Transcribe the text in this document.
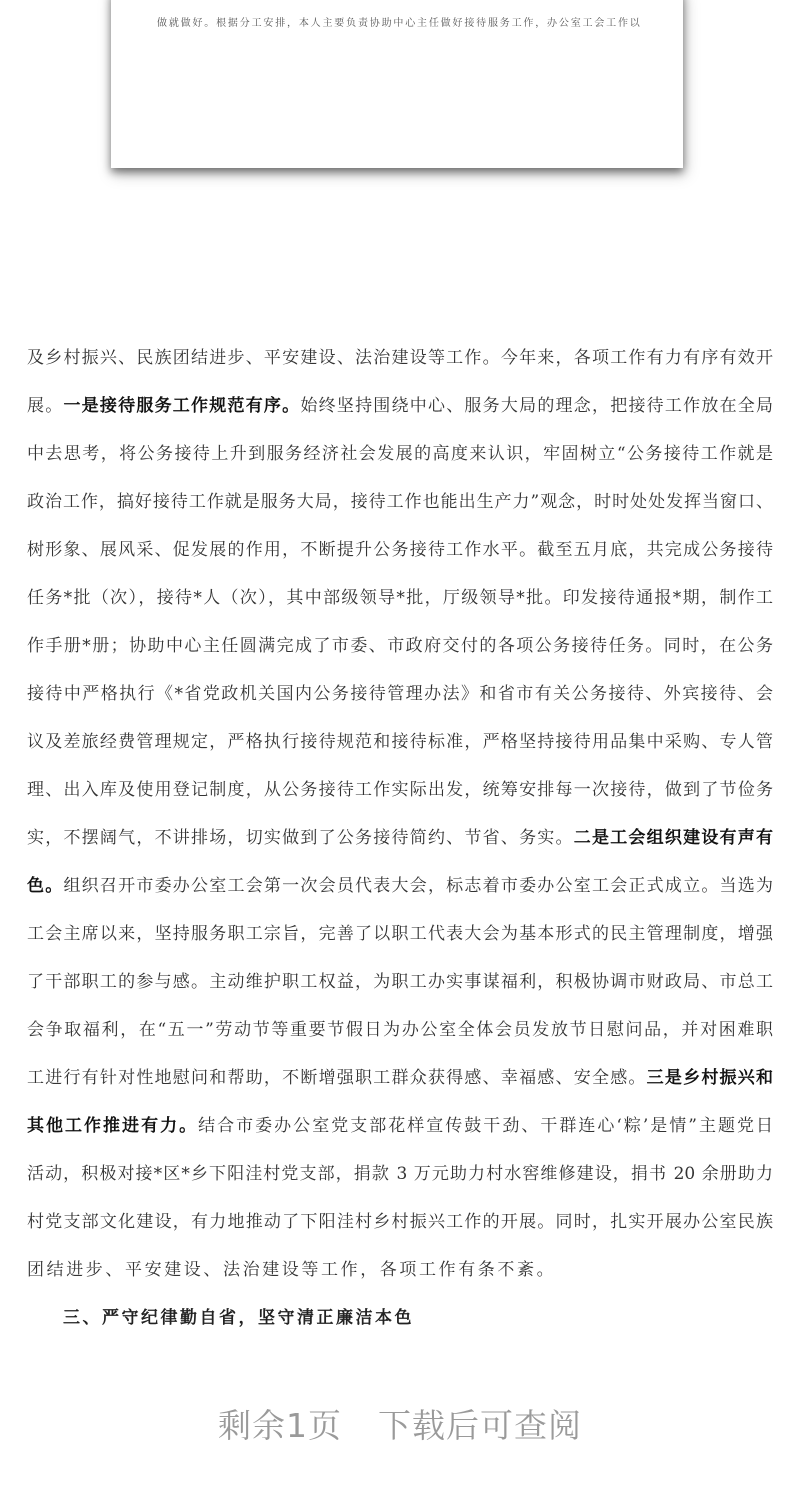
做就做好。根据分工安排，本人主要负责协助中心主任做好接待服务工作，办公室工会工作以
及乡村振兴、民族团结进步、平安建设、法治建设等工作。今年来，各项工作有力有序有效开
展。一是接待服务工作规范有序。始终坚持围绕中心、服务大局的理念，把接待工作放在全局
中去思考，将公务接待上升到服务经济社会发展的高度来认识，牢固树立“公务接待工作就是
政治工作，搞好接待工作就是服务大局，接待工作也能出生产力”观念，时时处处发挥当窗口、
树形象、展风采、促发展的作用，不断提升公务接待工作水平。截至五月底，共完成公务接待
任务*批（次），接待*人（次），其中部级领导*批，厅级领导*批。印发接待通报*期，制作工
作手册*册；协助中心主任圆满完成了市委、市政府交付的各项公务接待任务。同时，在公务
接待中严格执行《*省党政机关国内公务接待管理办法》和省市有关公务接待、外宾接待、会
议及差旅经费管理规定，严格执行接待规范和接待标准，严格坚持接待用品集中采购、专人管
理、出入库及使用登记制度，从公务接待工作实际出发，统筹安排每一次接待，做到了节俭务
实，不摆阔气，不讲排场，切实做到了公务接待简约、节省、务实。二是工会组织建设有声有
色。组织召开市委办公室工会第一次会员代表大会，标志着市委办公室工会正式成立。当选为
工会主席以来，坚持服务职工宗旨，完善了以职工代表大会为基本形式的民主管理制度，增强
了干部职工的参与感。主动维护职工权益，为职工办实事谋福利，积极协调市财政局、市总工
会争取福利，在“五一”劳动节等重要节假日为办公室全体会员发放节日慰问品，并对困难职
工进行有针对性地慰问和帮助，不断增强职工群众获得感、幸福感、安全感。三是乡村振兴和
其他工作推进有力。结合市委办公室党支部花样宣传鼓干劲、干群连心‘粽’是情”主题党日
活动，积极对接*区*乡下阳洼村党支部，捐款 3 万元助力村水窖维修建设，捐书 20 余册助力
村党支部文化建设，有力地推动了下阳洼村乡村振兴工作的开展。同时，扎实开展办公室民族
团结进步、平安建设、法治建设等工作，各项工作有条不紊。
三、严守纪律勤自省，坚守清正廉洁本色
剩余1页 下载后可查阅
